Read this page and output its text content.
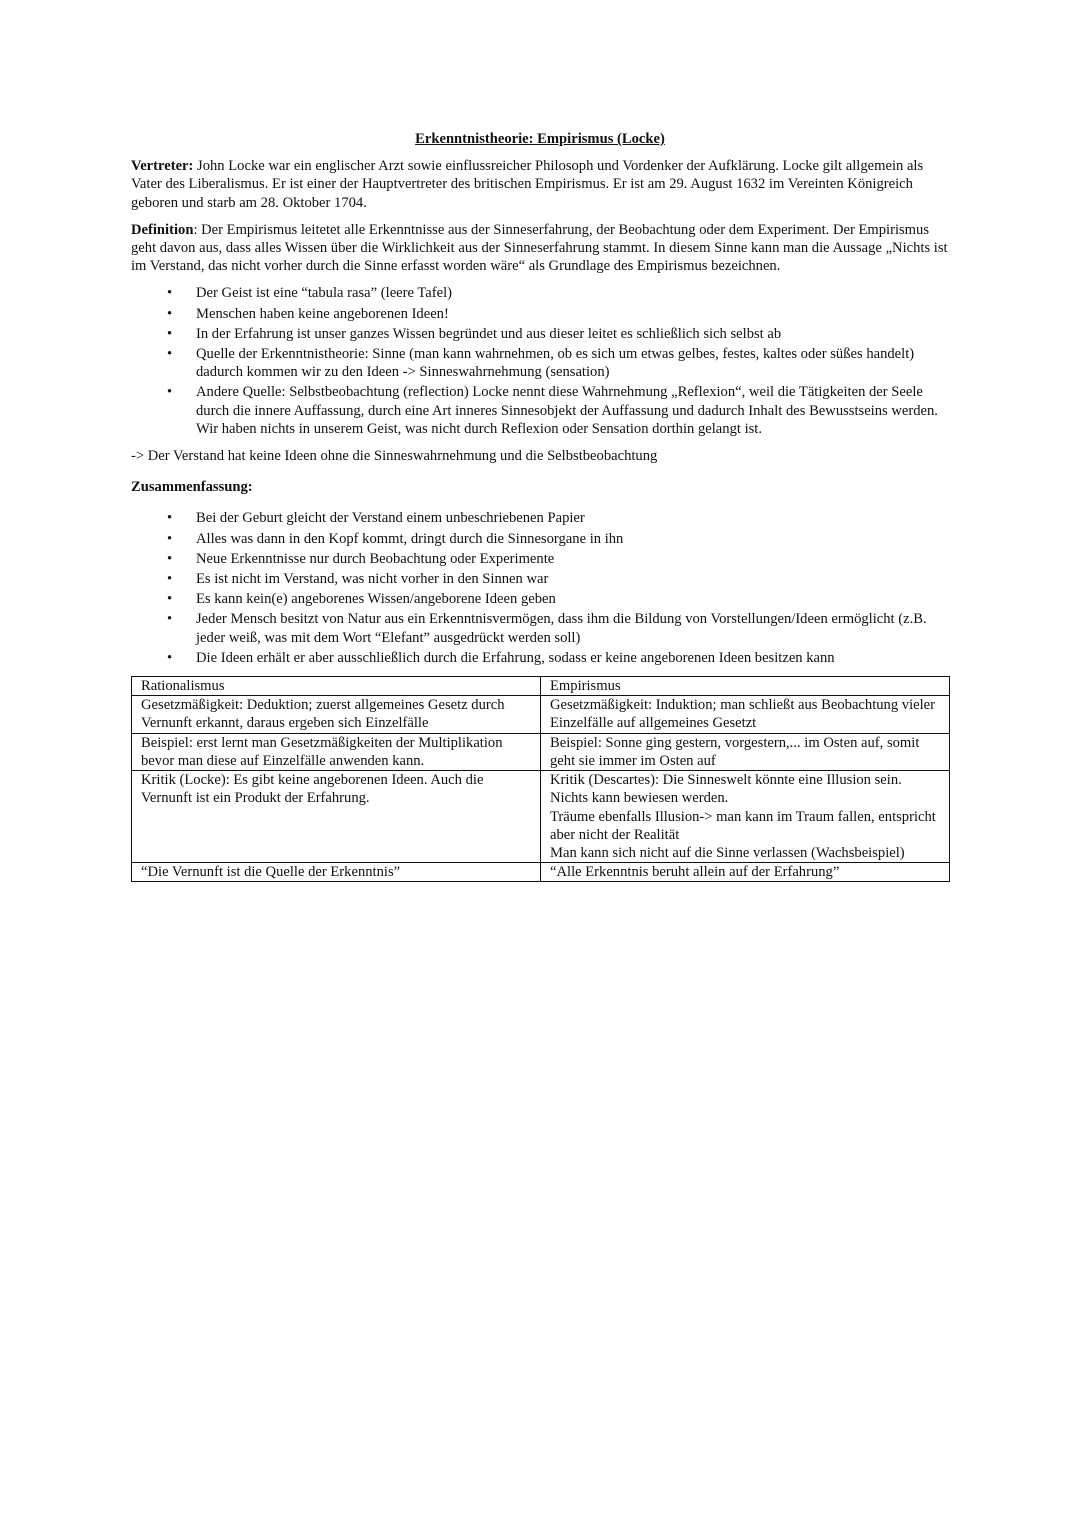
Erkenntnistheorie: Empirismus (Locke)

Vertreter: John Locke war ein englischer Arzt sowie einflussreicher Philosoph und Vordenker der Aufklärung. Locke gilt allgemein als Vater des Liberalismus. Er ist einer der Hauptvertreter des britischen Empirismus. Er ist am 29. August 1632 im Vereinten Königreich geboren und starb am 28. Oktober 1704.

Definition: Der Empirismus leitetet alle Erkenntnisse aus der Sinneserfahrung, der Beobachtung oder dem Experiment. Der Empirismus geht davon aus, dass alles Wissen über die Wirklichkeit aus der Sinneserfahrung stammt. In diesem Sinne kann man die Aussage „Nichts ist im Verstand, das nicht vorher durch die Sinne erfasst worden wäre“ als Grundlage des Empirismus bezeichnen.

• Der Geist ist eine “tabula rasa” (leere Tafel)
• Menschen haben keine angeborenen Ideen!
• In der Erfahrung ist unser ganzes Wissen begründet und aus dieser leitet es schließlich sich selbst ab
• Quelle der Erkenntnistheorie: Sinne (man kann wahrnehmen, ob es sich um etwas gelbes, festes, kaltes oder süßes handelt) dadurch kommen wir zu den Ideen -> Sinneswahrnehmung (sensation)
• Andere Quelle: Selbstbeobachtung (reflection) Locke nennt diese Wahrnehmung „Reflexion“, weil die Tätigkeiten der Seele durch die innere Auffassung, durch eine Art inneres Sinnesobjekt der Auffassung und dadurch Inhalt des Bewusstseins werden. Wir haben nichts in unserem Geist, was nicht durch Reflexion oder Sensation dorthin gelangt ist.

-> Der Verstand hat keine Ideen ohne die Sinneswahrnehmung und die Selbstbeobachtung

Zusammenfassung:
• Bei der Geburt gleicht der Verstand einem unbeschriebenen Papier
• Alles was dann in den Kopf kommt, dringt durch die Sinnesorgane in ihn
• Neue Erkenntnisse nur durch Beobachtung oder Experimente
• Es ist nicht im Verstand, was nicht vorher in den Sinnen war
• Es kann kein(e) angeborenes Wissen/angeborene Ideen geben
• Jeder Mensch besitzt von Natur aus ein Erkenntnisvermögen, dass ihm die Bildung von Vorstellungen/Ideen ermöglicht (z.B. jeder weiß, was mit dem Wort “Elefant” ausgedrückt werden soll)
• Die Ideen erhält er aber ausschließlich durch die Erfahrung, sodass er keine angeborenen Ideen besitzen kann
Rationalismus	Empirismus
Gesetzmäßigkeit: Deduktion; zuerst allgemeines Gesetz durch Vernunft erkannt, daraus ergeben sich Einzelfälle	Gesetzmäßigkeit: Induktion; man schließt aus Beobachtung vieler Einzelfälle auf allgemeines Gesetzt
Beispiel: erst lernt man Gesetzmäßigkeiten der Multiplikation bevor man diese auf Einzelfälle anwenden kann.	Beispiel: Sonne ging gestern, vorgestern,... im Osten auf, somit geht sie immer im Osten auf
Kritik (Locke): Es gibt keine angeborenen Ideen. Auch die Vernunft ist ein Produkt der Erfahrung.	Kritik (Descartes): Die Sinneswelt könnte eine Illusion sein. Nichts kann bewiesen werden.
Träume ebenfalls Illusion-> man kann im Traum fallen, entspricht aber nicht der Realität
Man kann sich nicht auf die Sinne verlassen (Wachsbeispiel)
“Die Vernunft ist die Quelle der Erkenntnis”	“Alle Erkenntnis beruht allein auf der Erfahrung”
